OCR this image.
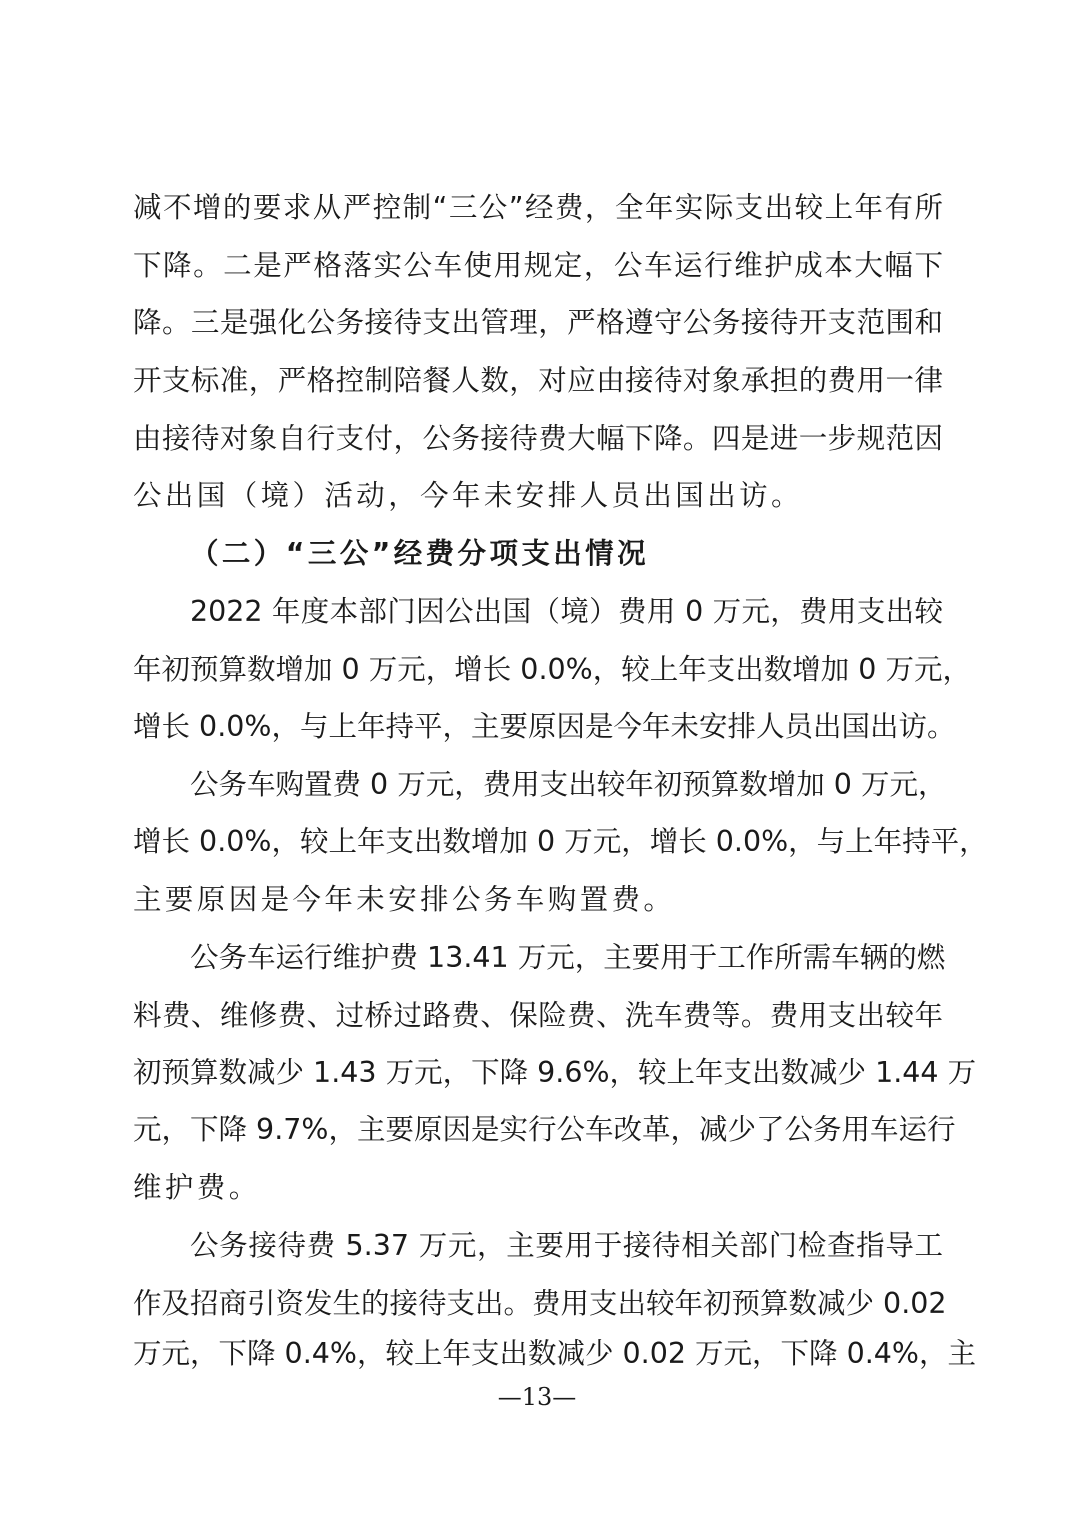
减不增的要求从严控制“三公”经费，全年实际支出较上年有所
下降。二是严格落实公车使用规定，公车运行维护成本大幅下
降。三是强化公务接待支出管理，严格遵守公务接待开支范围和
开支标准，严格控制陪餐人数，对应由接待对象承担的费用一律
由接待对象自行支付，公务接待费大幅下降。四是进一步规范因
公出国（境）活动，今年未安排人员出国出访。
（二）“三公”经费分项支出情况
2022 年度本部门因公出国（境）费用 0 万元，费用支出较
年初预算数增加 0 万元，增长 0.0%，较上年支出数增加 0 万元，
增长 0.0%，与上年持平，主要原因是今年未安排人员出国出访。
公务车购置费 0 万元，费用支出较年初预算数增加 0 万元，
增长 0.0%，较上年支出数增加 0 万元，增长 0.0%，与上年持平，
主要原因是今年未安排公务车购置费。
公务车运行维护费 13.41 万元，主要用于工作所需车辆的燃
料费、维修费、过桥过路费、保险费、洗车费等。费用支出较年
初预算数减少 1.43 万元，下降 9.6%，较上年支出数减少 1.44 万
元，下降 9.7%，主要原因是实行公车改革，减少了公务用车运行
维护费。
公务接待费 5.37 万元，主要用于接待相关部门检查指导工
作及招商引资发生的接待支出。费用支出较年初预算数减少 0.02
万元，下降 0.4%，较上年支出数减少 0.02 万元，下降 0.4%，主
—13—
